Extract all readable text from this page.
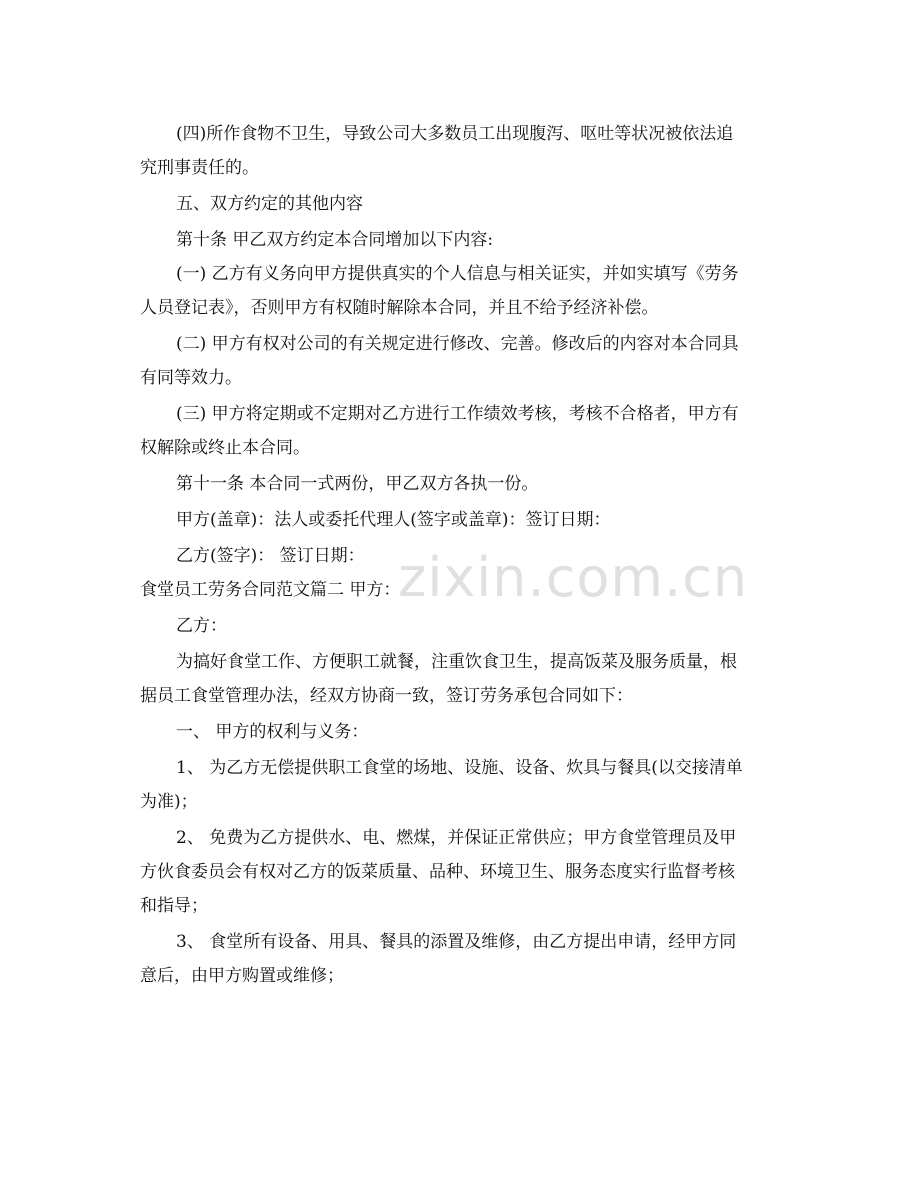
(四)所作食物不卫生，导致公司大多数员工出现腹泻、呕吐等状况被依法追
究刑事责任的。
五、双方约定的其他内容
第十条 甲乙双方约定本合同增加以下内容:
(一) 乙方有义务向甲方提供真实的个人信息与相关证实，并如实填写《劳务
人员登记表》，否则甲方有权随时解除本合同，并且不给予经济补偿。
(二) 甲方有权对公司的有关规定进行修改、完善。修改后的内容对本合同具
有同等效力。
(三) 甲方将定期或不定期对乙方进行工作绩效考核，考核不合格者，甲方有
权解除或终止本合同。
第十一条 本合同一式两份，甲乙双方各执一份。
甲方(盖章)：法人或委托代理人(签字或盖章)：签订日期：
乙方(签字)： 签订日期：
食堂员工劳务合同范文篇二 甲方：
乙方：
为搞好食堂工作、方便职工就餐，注重饮食卫生，提高饭菜及服务质量，根
据员工食堂管理办法，经双方协商一致，签订劳务承包合同如下：
一、 甲方的权利与义务：
1、 为乙方无偿提供职工食堂的场地、设施、设备、炊具与餐具(以交接清单
为准)；
2、 免费为乙方提供水、电、燃煤，并保证正常供应；甲方食堂管理员及甲
方伙食委员会有权对乙方的饭菜质量、品种、环境卫生、服务态度实行监督考核
和指导；
3、 食堂所有设备、用具、餐具的添置及维修，由乙方提出申请，经甲方同
意后，由甲方购置或维修；
zixin.com.cn
